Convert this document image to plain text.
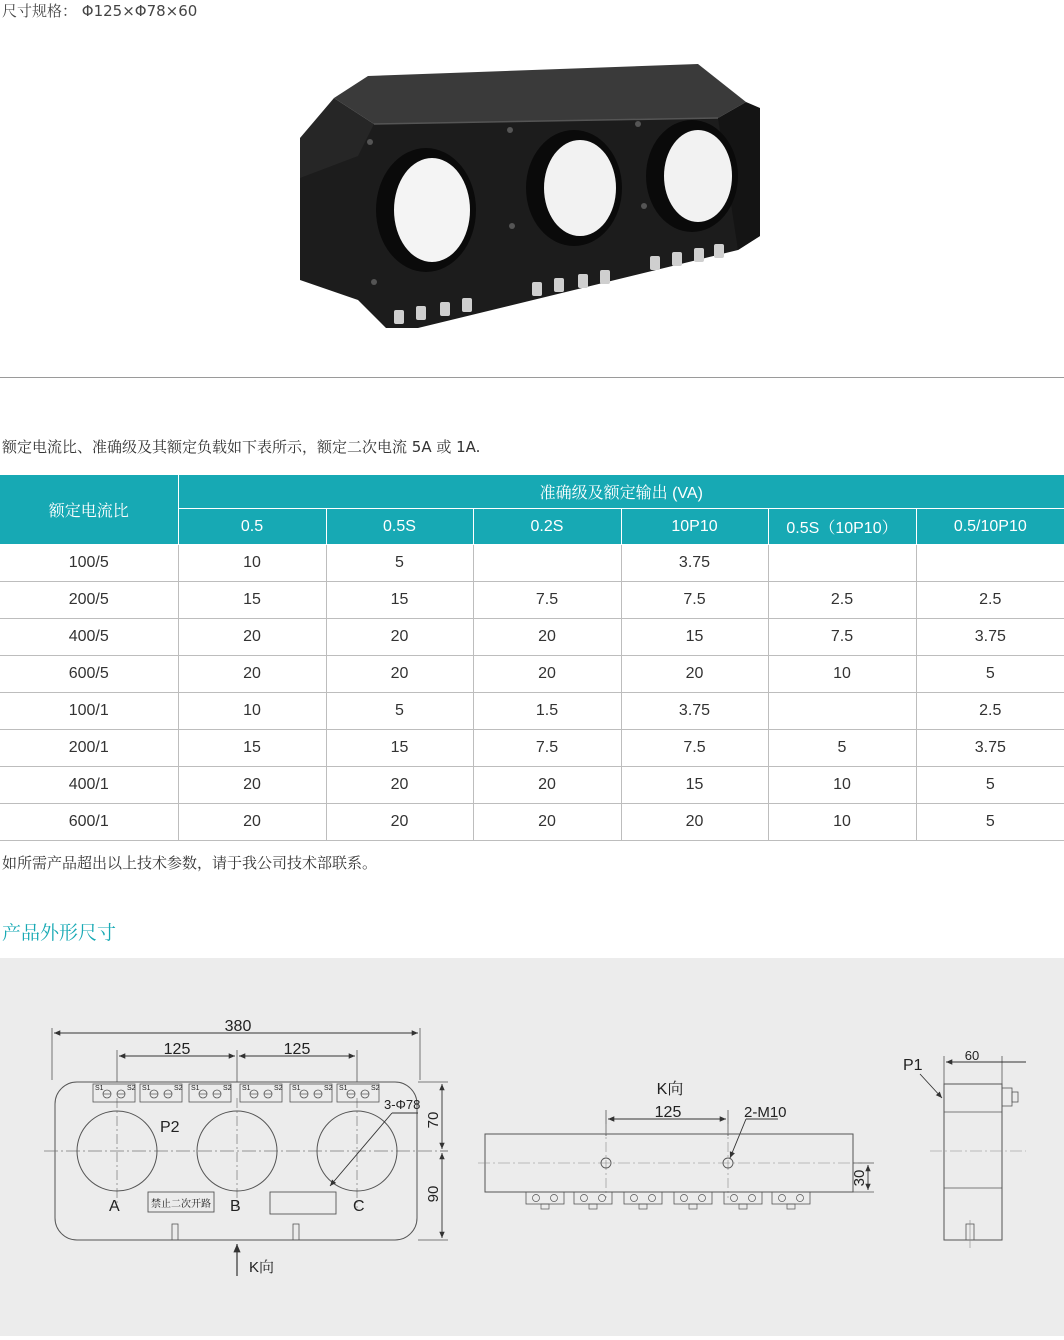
尺寸规格： Φ125×Φ78×60
额定电流比、准确级及其额定负载如下表所示，额定二次电流 5A 或 1A.
额定电流比	准确级及额定输出 (VA)					
	0.5	0.5S	0.2S	10P10	0.5S（10P10）	0.5/10P10
100/5	10	5		3.75		
200/5	15	15	7.5	7.5	2.5	2.5
400/5	20	20	20	15	7.5	3.75
600/5	20	20	20	20	10	5
100/1	10	5	1.5	3.75		2.5
200/1	15	15	7.5	7.5	5	3.75
400/1	20	20	20	15	10	5
600/1	20	20	20	20	10	5
如所需产品超出以上技术参数，请于我公司技术部联系。
产品外形尺寸
380
125	125
S1	S2 S1	S2 S1	S2 S1	S2 S1	S2 S1	S2
3-Φ78
P2
A	B	C
禁止二次开路
70
90
K向
K向
125	2-M10
30
P1
60
